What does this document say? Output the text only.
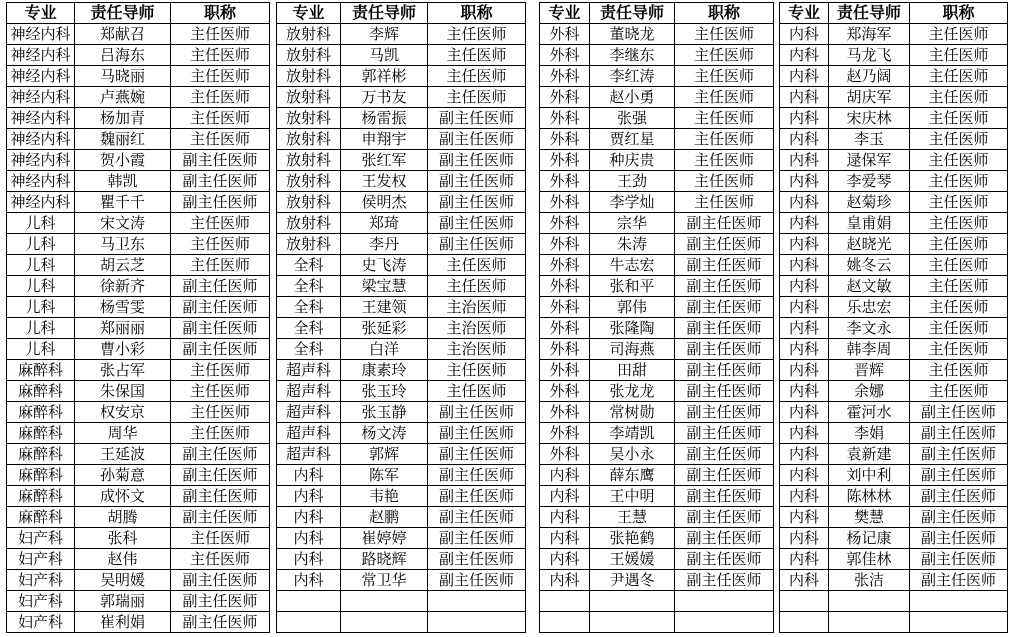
专业	责任导师	职称
神经内科	郑献召	主任医师
神经内科	吕海东	主任医师
神经内科	马晓丽	主任医师
神经内科	卢燕婉	主任医师
神经内科	杨加青	主任医师
神经内科	魏丽红	主任医师
神经内科	贺小霞	副主任医师
神经内科	韩凯	副主任医师
神经内科	瞿千千	副主任医师
儿科	宋文涛	主任医师
儿科	马卫东	主任医师
儿科	胡云芝	主任医师
儿科	徐新齐	副主任医师
儿科	杨雪雯	副主任医师
儿科	郑丽丽	副主任医师
儿科	曹小彩	副主任医师
麻醉科	张占军	主任医师
麻醉科	朱保国	主任医师
麻醉科	权安京	主任医师
麻醉科	周华	主任医师
麻醉科	王延波	副主任医师
麻醉科	孙菊意	副主任医师
麻醉科	成怀文	副主任医师
麻醉科	胡腾	副主任医师
妇产科	张科	主任医师
妇产科	赵伟	主任医师
妇产科	吴明媛	副主任医师
妇产科	郭瑞丽	副主任医师
妇产科	崔利娟	副主任医师
专业	责任导师	职称
放射科	李辉	主任医师
放射科	马凯	主任医师
放射科	郭祥彬	主任医师
放射科	万书友	主任医师
放射科	杨雷振	副主任医师
放射科	申翔宇	副主任医师
放射科	张红军	副主任医师
放射科	王发权	副主任医师
放射科	侯明杰	副主任医师
放射科	郑琦	副主任医师
放射科	李丹	副主任医师
全科	史飞涛	主任医师
全科	梁宝慧	主任医师
全科	王建领	主治医师
全科	张延彩	主治医师
全科	白洋	主治医师
超声科	康素玲	主任医师
超声科	张玉玲	主任医师
超声科	张玉静	副主任医师
超声科	杨文涛	副主任医师
超声科	郭辉	副主任医师
内科	陈军	副主任医师
内科	韦艳	副主任医师
内科	赵鹏	副主任医师
内科	崔婷婷	副主任医师
内科	路晓辉	副主任医师
内科	常卫华	副主任医师

专业	责任导师	职称
外科	董晓龙	主任医师
外科	李继东	主任医师
外科	李红涛	主任医师
外科	赵小勇	主任医师
外科	张强	主任医师
外科	贾红星	主任医师
外科	种庆贵	主任医师
外科	王劲	主任医师
外科	李学灿	主任医师
外科	宗华	副主任医师
外科	朱涛	副主任医师
外科	牛志宏	副主任医师
外科	张和平	副主任医师
外科	郭伟	副主任医师
外科	张隆陶	副主任医师
外科	司海燕	副主任医师
外科	田甜	副主任医师
外科	张龙龙	副主任医师
外科	常树勋	副主任医师
外科	李靖凯	副主任医师
外科	吴小永	副主任医师
内科	薛东鹰	副主任医师
内科	王中明	副主任医师
内科	王慧	副主任医师
内科	张艳鹤	副主任医师
内科	王媛媛	副主任医师
内科	尹遇冬	副主任医师

专业	责任导师	职称
内科	郑海军	主任医师
内科	马龙飞	主任医师
内科	赵乃阔	主任医师
内科	胡庆军	主任医师
内科	宋庆林	主任医师
内科	李玉	主任医师
内科	逯保军	主任医师
内科	李爱琴	主任医师
内科	赵菊珍	主任医师
内科	皇甫娟	主任医师
内科	赵晓光	主任医师
内科	姚冬云	主任医师
内科	赵文敏	主任医师
内科	乐忠宏	主任医师
内科	李文永	主任医师
内科	韩李周	主任医师
内科	晋辉	主任医师
内科	余娜	主任医师
内科	霍河水	副主任医师
内科	李娟	副主任医师
内科	袁新建	副主任医师
内科	刘中利	副主任医师
内科	陈林林	副主任医师
内科	樊慧	副主任医师
内科	杨记康	副主任医师
内科	郭佳林	副主任医师
内科	张洁	副主任医师
